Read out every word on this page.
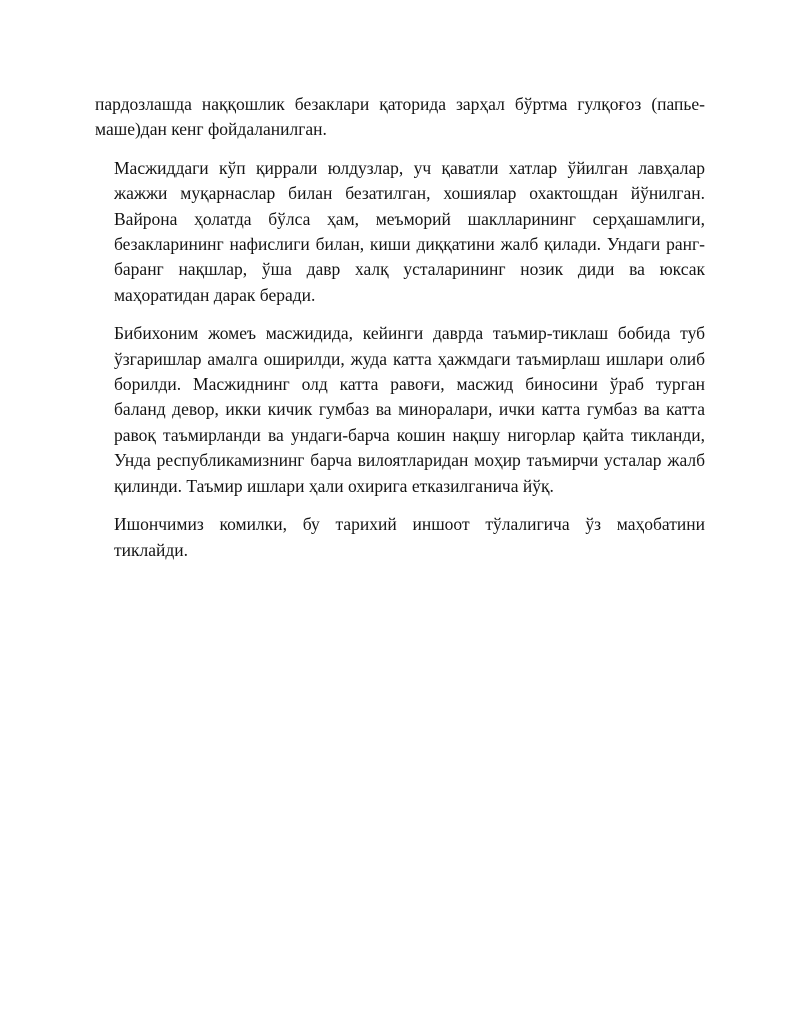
пардозлашда наққошлик безаклари қаторида зарҳал бўртма гулқоғоз (папье-
маше)дан кенг фойдаланилган.

Масжиддаги кўп қиррали юлдузлар, уч қаватли хатлар ўйилган лавҳалар
жажжи муқарнаслар билан безатилган, хошиялар охактошдан йўнилган.
Вайрона ҳолатда бўлса ҳам, меъморий шаклларининг серҳашамлиги,
безакларининг нафислиги билан, киши диққатини жалб қилади. Ундаги ранг-
баранг нақшлар, ўша давр халқ усталарининг нозик диди ва юксак
маҳоратидан дарак беради.

Бибихоним жомеъ масжидида, кейинги даврда таъмир-тиклаш бобида туб
ўзгаришлар амалга оширилди, жуда катта ҳажмдаги таъмирлаш ишлари олиб
борилди. Масжиднинг олд катта равоғи, масжид биносини ўраб турган
баланд девор, икки кичик гумбаз ва миноралари, ички катта гумбаз ва катта
равоқ таъмирланди ва ундаги-барча кошин нақшу нигорлар қайта тикланди,
Унда республикамизнинг барча вилоятларидан моҳир таъмирчи усталар жалб
қилинди. Таъмир ишлари ҳали охирига етказилганича йўқ.

Ишончимиз комилки, бу тарихий иншоот тўлалигича ўз маҳобатини
тиклайди.
